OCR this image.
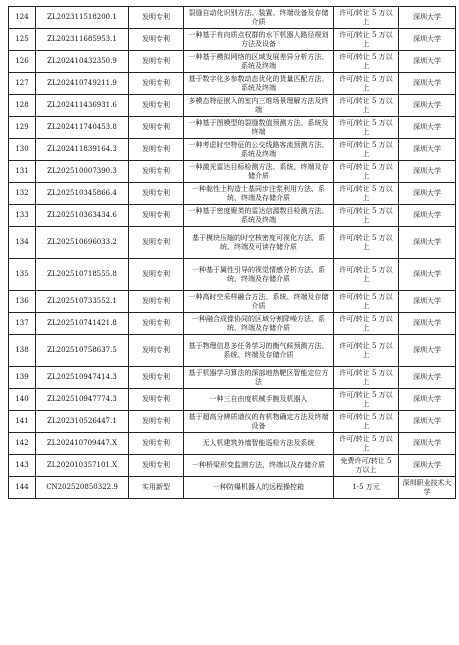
124	ZL202311518200.1	发明专利	裂缝自动化识别方法、装置、终端设备及存储介质	许可/转让 5 万以上	深圳大学
125	ZL202311685953.1	发明专利	一种基于有向质点权群的水下机器人路径规划方法及设备	许可/转让 5 万以上	深圳大学
126	ZL202410432350.9	发明专利	一种基于模拟网络的区域发展差异分析方法、系统及终端	许可/转让 5 万以上	深圳大学
127	ZL202410749211.9	发明专利	基于数字化多参数动态优化的货量匹配方法、系统及终端	许可/转让 5 万以上	深圳大学
128	ZL202411436931.6	发明专利	多模态特征嵌入的室内三维场景理解方法及终端	许可/转让 5 万以上	深圳大学
129	ZL202411740453.8	发明专利	一种基于图模型的裂缝数值预测方法、系统及终端	许可/转让 5 万以上	深圳大学
130	ZL202411839164.3	发明专利	一种考虑时空特征的公交线路客流预测方法、系统及终端	许可/转让 5 万以上	深圳大学
131	ZL202510007390.3	发明专利	一种激光雷达目标检测方法、系统、终端及存储介质	许可/转让 5 万以上	深圳大学
132	ZL202510345866.4	发明专利	一种黏性土构造土基同步注浆利用方法、系统、终端及存储介质	许可/转让 5 万以上	深圳大学
133	ZL202510363434.6	发明专利	一种基于密度聚类的雷达信源数目检测方法、系统及终端	许可/转让 5 万以上	深圳大学
134	ZL202510696033.2	发明专利	基于模块压缩的时空核密度可视化方法、系统、终端及可读存储介质	许可/转让 5 万以上	深圳大学
135	ZL202510718555.8	发明专利	一种基于属性引导的视觉情感分析方法、系统、终端及存储介质	许可/转让 5 万以上	深圳大学
136	ZL202510733552.1	发明专利	一种高时空采样融合方法、系统、终端及存储介质	许可/转让 5 万以上	深圳大学
137	ZL202510741421.8	发明专利	一种融合成像协同的区域分割降噪方法、系统、终端及存储介质	许可/转让 5 万以上	深圳大学
138	ZL202510758637.5	发明专利	基于物理信息多任务学习的衡气候预测方法、系统、终端及存储介质	许可/转让 5 万以上	深圳大学
139	ZL202510947414.3	发明专利	基于机器学习算法的深部地热靶区智能定位方法	许可/转让 5 万以上	深圳大学
140	ZL202510947774.3	发明专利	一种三自由度机械手腕及机器人	许可/转让 5 万以上	深圳大学
141	ZL202310526447.1	发明专利	基于超高分辨质谱仪的有机物确定方法及终端设备	许可/转让 5 万以上	深圳大学
142	ZL202410709447.X	发明专利	无人机建筑外墙智能巡检方法及系统	许可/转让 5 万以上	深圳大学
143	ZL202010357101.X	发明专利	一种桥梁形变监测方法、终端以及存储介质	免费许可/转让 5 万以上	深圳大学
144	CN202520850322.9	实用新型	一种防爆机器人的远程操控箱	1-5 万元	深圳职业技术大学
